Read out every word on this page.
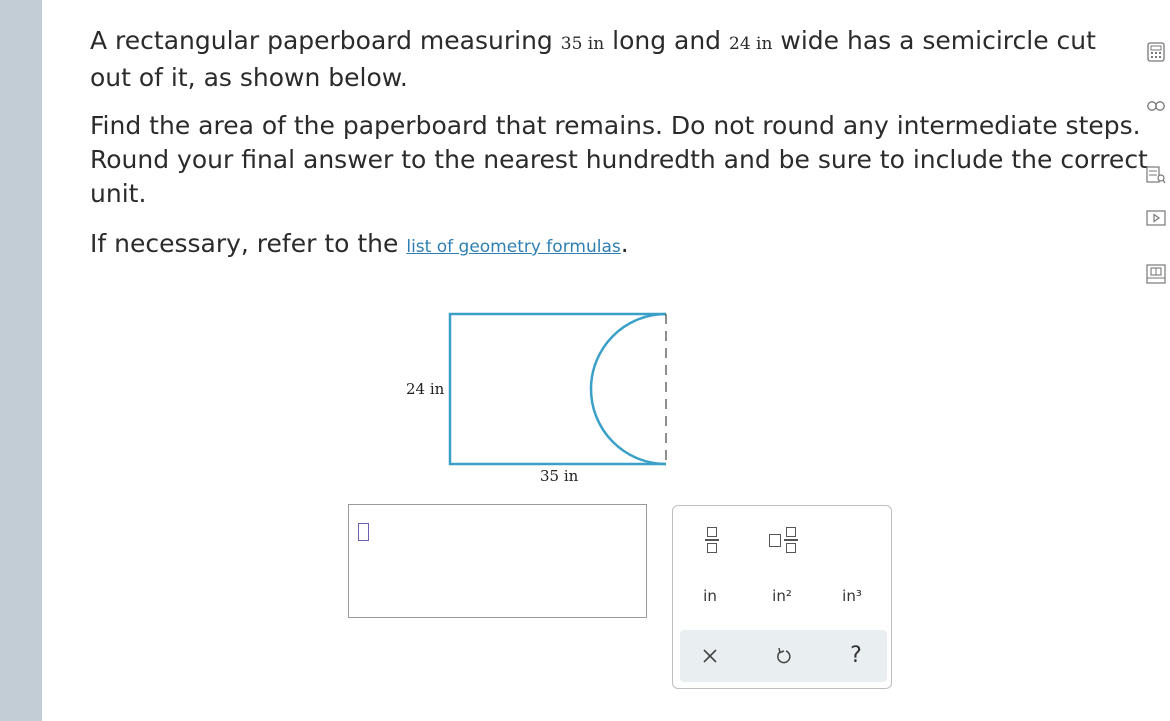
A rectangular paperboard measuring 35 in long and 24 in wide has a semicircle cut out of it, as shown below.

Find the area of the paperboard that remains. Do not round any intermediate steps. Round your final answer to the nearest hundredth and be sure to include the correct unit.

If necessary, refer to the list of geometry formulas.

24 in
35 in
in	in²	in³
?
